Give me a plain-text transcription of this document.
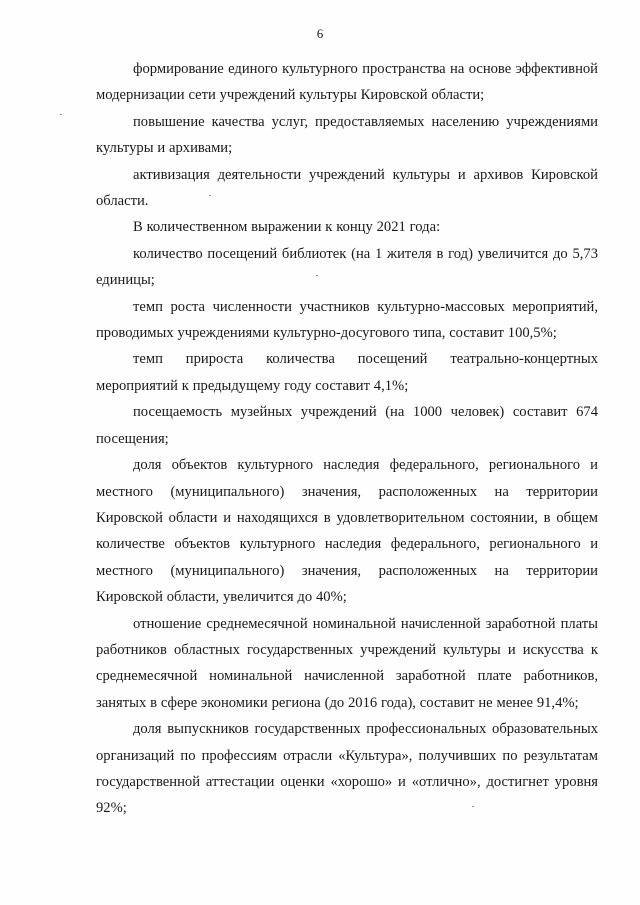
6

формирование единого культурного пространства на основе эффективной модернизации сети учреждений культуры Кировской области;

повышение качества услуг, предоставляемых населению учреждениями культуры и архивами;

активизация деятельности учреждений культуры и архивов Кировской области.

В количественном выражении к концу 2021 года:

количество посещений библиотек (на 1 жителя в год) увеличится до 5,73 единицы;

темп роста численности участников культурно-массовых мероприятий, проводимых учреждениями культурно-досугового типа, составит 100,5%;

темп прироста количества посещений театрально-концертных мероприятий к предыдущему году составит 4,1%;

посещаемость музейных учреждений (на 1000 человек) составит 674 посещения;

доля объектов культурного наследия федерального, регионального и местного (муниципального) значения, расположенных на территории Кировской области и находящихся в удовлетворительном состоянии, в общем количестве объектов культурного наследия федерального, регионального и местного (муниципального) значения, расположенных на территории Кировской области, увеличится до 40%;

отношение среднемесячной номинальной начисленной заработной платы работников областных государственных учреждений культуры и искусства к среднемесячной номинальной начисленной заработной плате работников, занятых в сфере экономики региона (до 2016 года), составит не менее 91,4%;

доля выпускников государственных профессиональных образовательных организаций по профессиям отрасли «Культура», получивших по результатам государственной аттестации оценки «хорошо» и «отлично», достигнет уровня 92%;
